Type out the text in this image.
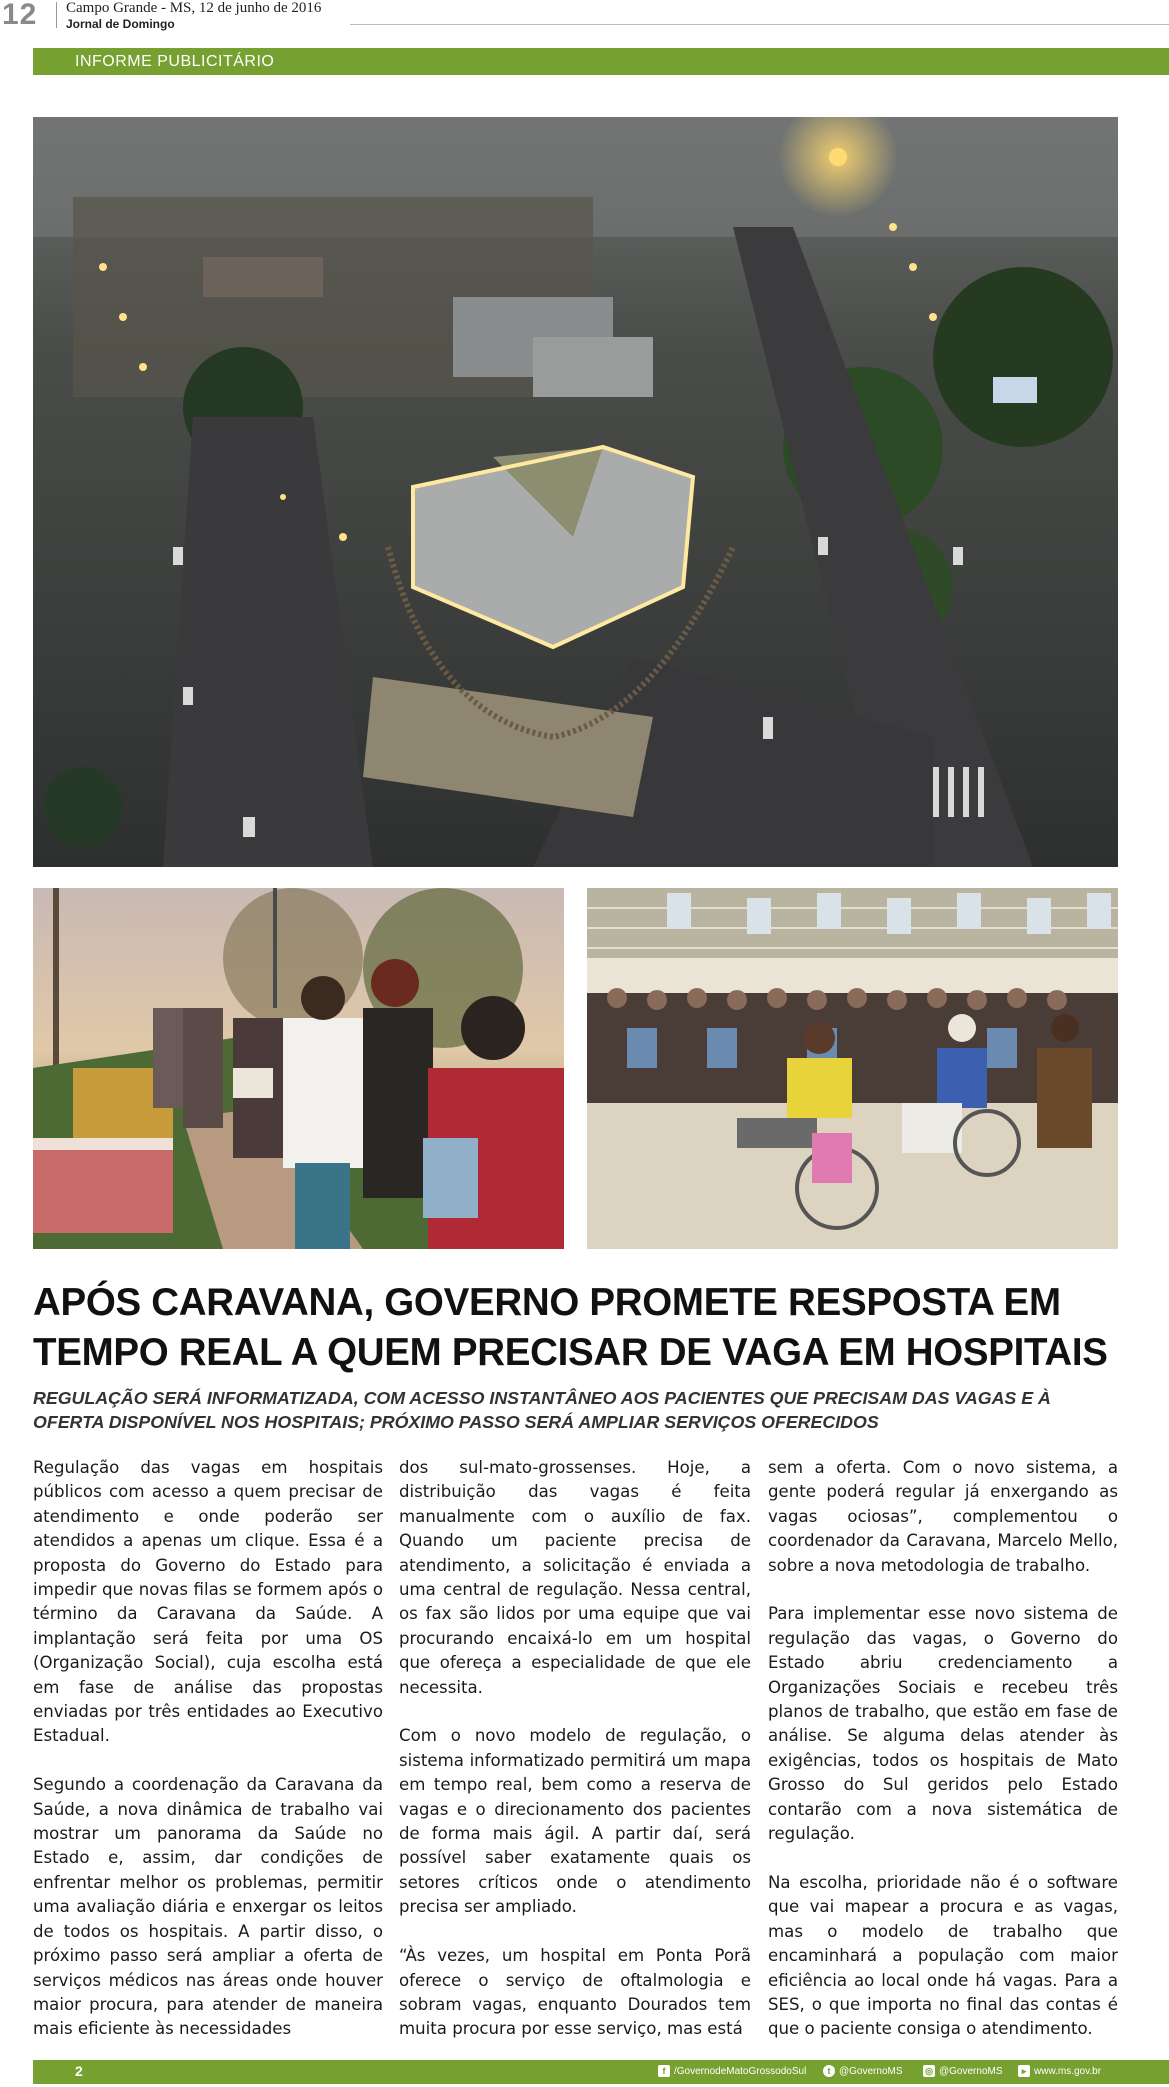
12 Campo Grande - MS, 12 de junho de 2016
Jornal de Domingo
INFORME PUBLICITÁRIO
APÓS CARAVANA, GOVERNO PROMETE RESPOSTA EM TEMPO REAL A QUEM PRECISAR DE VAGA EM HOSPITAIS
REGULAÇÃO SERÁ INFORMATIZADA, COM ACESSO INSTANTÂNEO AOS PACIENTES QUE PRECISAM DAS VAGAS E À OFERTA DISPONÍVEL NOS HOSPITAIS; PRÓXIMO PASSO SERÁ AMPLIAR SERVIÇOS OFERECIDOS

Regulação das vagas em hospitais públicos com acesso a quem precisar de atendimento e onde poderão ser atendidos a apenas um clique. Essa é a proposta do Governo do Estado para impedir que novas filas se formem após o término da Caravana da Saúde. A implantação será feita por uma OS (Organização Social), cuja escolha está em fase de análise das propostas enviadas por três entidades ao Executivo Estadual.

Segundo a coordenação da Caravana da Saúde, a nova dinâmica de trabalho vai mostrar um panorama da Saúde no Estado e, assim, dar condições de enfrentar melhor os problemas, permitir uma avaliação diária e enxergar os leitos de todos os hospitais. A partir disso, o próximo passo será ampliar a oferta de serviços médicos nas áreas onde houver maior procura, para atender de maneira mais eficiente às necessidades

dos sul-mato-grossenses. Hoje, a distribuição das vagas é feita manualmente com o auxílio de fax. Quando um paciente precisa de atendimento, a solicitação é enviada a uma central de regulação. Nessa central, os fax são lidos por uma equipe que vai procurando encaixá-lo em um hospital que ofereça a especialidade de que ele necessita.

Com o novo modelo de regulação, o sistema informatizado permitirá um mapa em tempo real, bem como a reserva de vagas e o direcionamento dos pacientes de forma mais ágil. A partir daí, será possível saber exatamente quais os setores críticos onde o atendimento precisa ser ampliado.

“Às vezes, um hospital em Ponta Porã oferece o serviço de oftalmologia e sobram vagas, enquanto Dourados tem muita procura por esse serviço, mas está

sem a oferta. Com o novo sistema, a gente poderá regular já enxergando as vagas ociosas”, complementou o coordenador da Caravana, Marcelo Mello, sobre a nova metodologia de trabalho.

Para implementar esse novo sistema de regulação das vagas, o Governo do Estado abriu credenciamento a Organizações Sociais e recebeu três planos de trabalho, que estão em fase de análise. Se alguma delas atender às exigências, todos os hospitais de Mato Grosso do Sul geridos pelo Estado contarão com a nova sistemática de regulação.

Na escolha, prioridade não é o software que vai mapear a procura e as vagas, mas o modelo de trabalho que encaminhará a população com maior eficiência ao local onde há vagas. Para a SES, o que importa no final das contas é que o paciente consiga o atendimento.

2	f /GovernodeMatoGrossodoSul	t @GovernoMS	◎ @GovernoMS	▸ www.ms.gov.br
